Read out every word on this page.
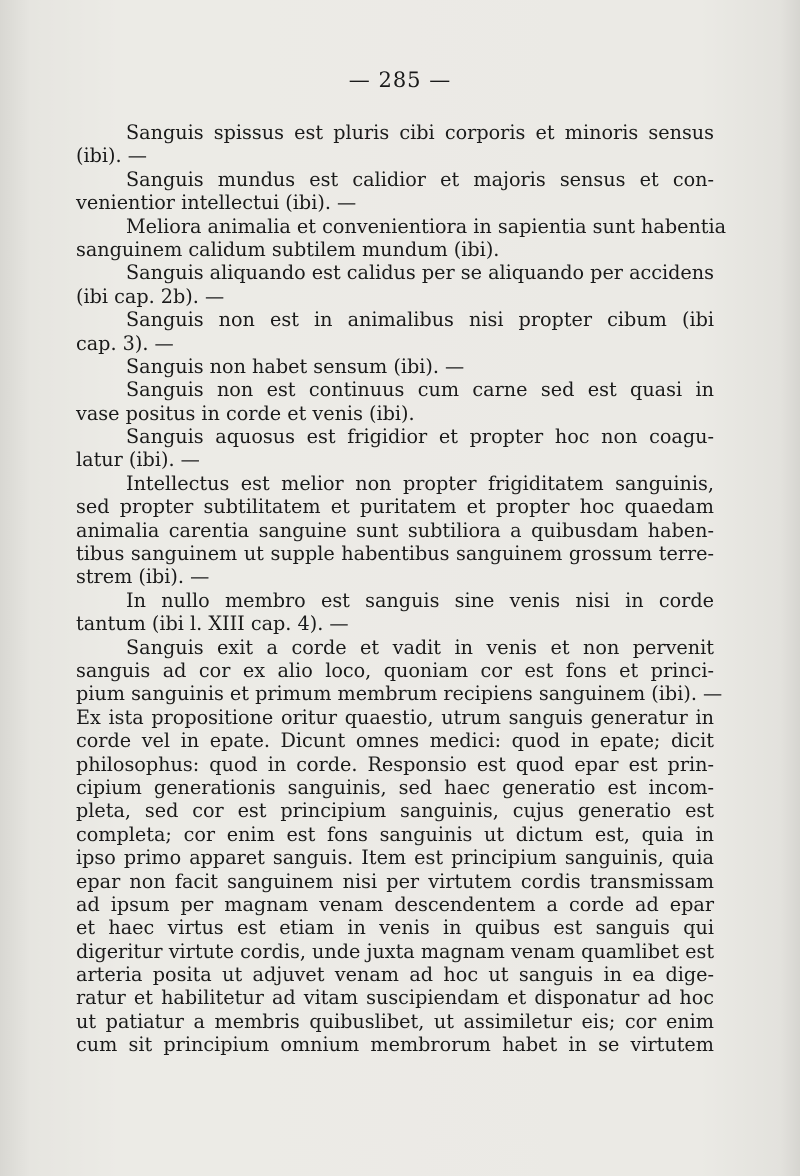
— 285 —
Sanguis spissus est pluris cibi corporis et minoris sensus
(ibi). —
Sanguis mundus est calidior et majoris sensus et con-
venientior intellectui (ibi). —
Meliora animalia et convenientiora in sapientia sunt habentia
sanguinem calidum subtilem mundum (ibi).
Sanguis aliquando est calidus per se aliquando per accidens
(ibi cap. 2b). —
Sanguis non est in animalibus nisi propter cibum (ibi
cap. 3). —
Sanguis non habet sensum (ibi). —
Sanguis non est continuus cum carne sed est quasi in
vase positus in corde et venis (ibi).
Sanguis aquosus est frigidior et propter hoc non coagu-
latur (ibi). —
Intellectus est melior non propter frigiditatem sanguinis,
sed propter subtilitatem et puritatem et propter hoc quaedam
animalia carentia sanguine sunt subtiliora a quibusdam haben-
tibus sanguinem ut supple habentibus sanguinem grossum terre-
strem (ibi). —
In nullo membro est sanguis sine venis nisi in corde
tantum (ibi l. XIII cap. 4). —
Sanguis exit a corde et vadit in venis et non pervenit
sanguis ad cor ex alio loco, quoniam cor est fons et princi-
pium sanguinis et primum membrum recipiens sanguinem (ibi). —
Ex ista propositione oritur quaestio, utrum sanguis generatur in
corde vel in epate. Dicunt omnes medici: quod in epate; dicit
philosophus: quod in corde. Responsio est quod epar est prin-
cipium generationis sanguinis, sed haec generatio est incom-
pleta, sed cor est principium sanguinis, cujus generatio est
completa; cor enim est fons sanguinis ut dictum est, quia in
ipso primo apparet sanguis. Item est principium sanguinis, quia
epar non facit sanguinem nisi per virtutem cordis transmissam
ad ipsum per magnam venam descendentem a corde ad epar
et haec virtus est etiam in venis in quibus est sanguis qui
digeritur virtute cordis, unde juxta magnam venam quamlibet est
arteria posita ut adjuvet venam ad hoc ut sanguis in ea dige-
ratur et habilitetur ad vitam suscipiendam et disponatur ad hoc
ut patiatur a membris quibuslibet, ut assimiletur eis; cor enim
cum sit principium omnium membrorum habet in se virtutem
